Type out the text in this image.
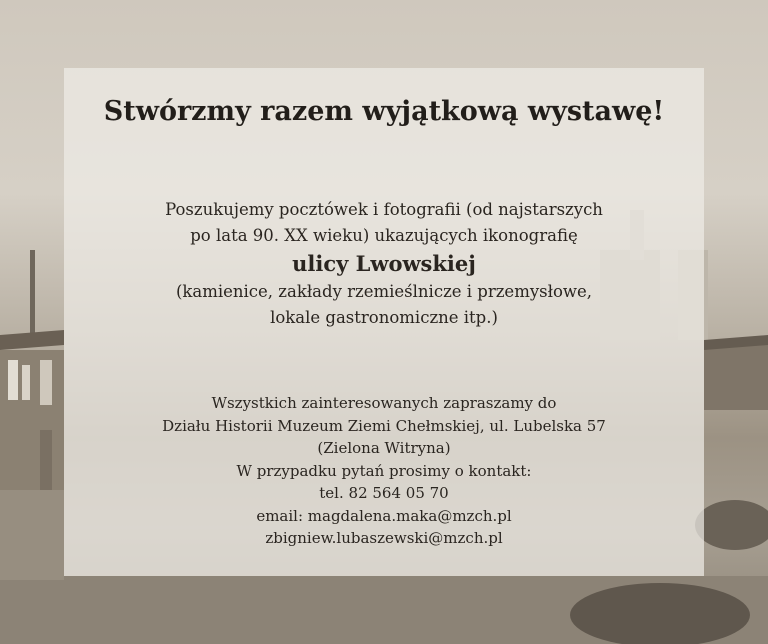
Stwórzmy razem wyjątkową wystawę!
Poszukujemy pocztówek i fotografii (od najstarszych
po lata 90. XX wieku) ukazujących ikonografię
ulicy Lwowskiej
(kamienice, zakłady rzemieślnicze i przemysłowe,
lokale gastronomiczne itp.)
Wszystkich zainteresowanych zapraszamy do
Działu Historii Muzeum Ziemi Chełmskiej, ul. Lubelska 57
(Zielona Witryna)
W przypadku pytań prosimy o kontakt:
tel. 82 564 05 70
email: magdalena.maka@mzch.pl
zbigniew.lubaszewski@mzch.pl
